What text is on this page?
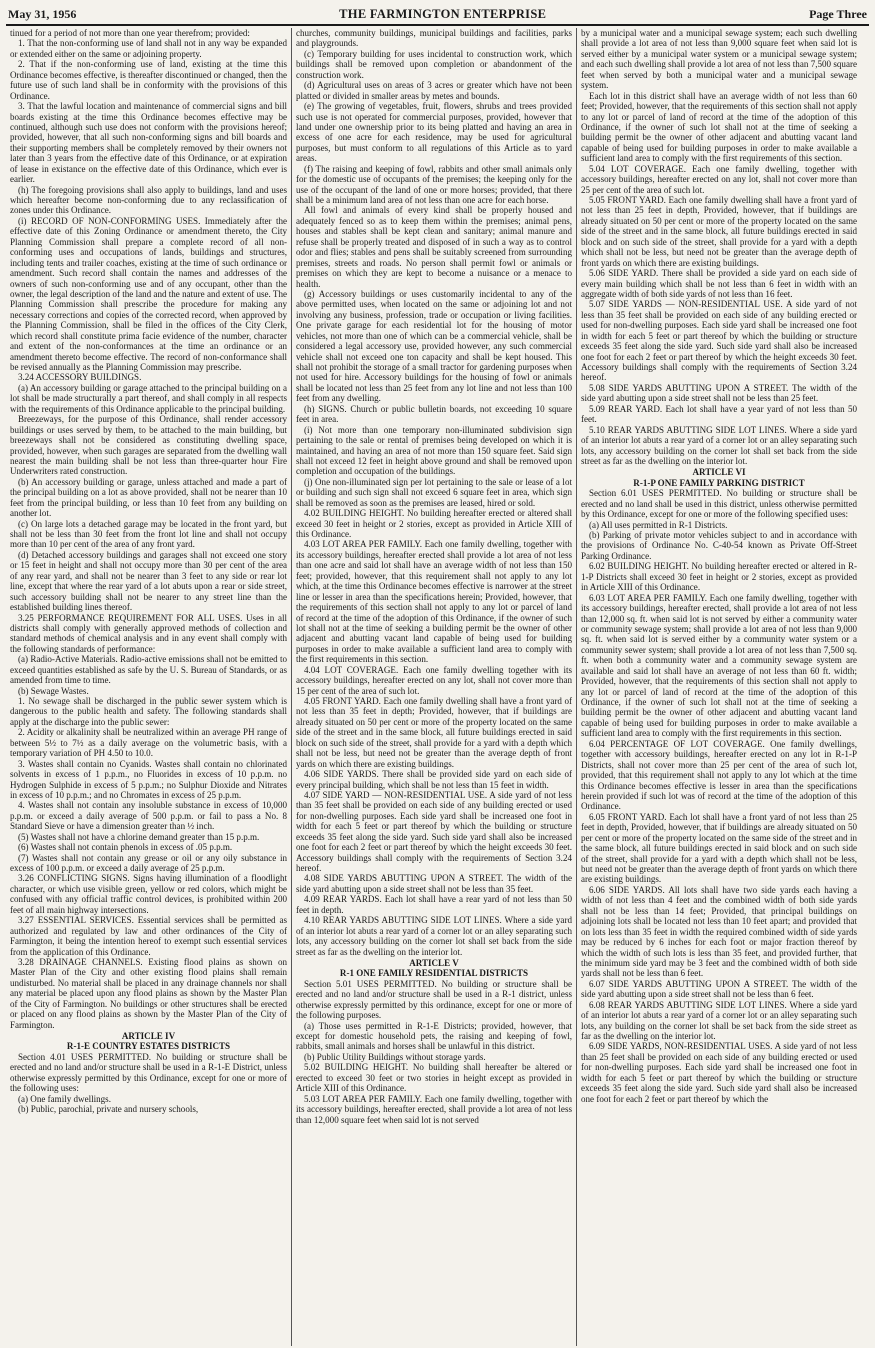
May 31, 1956	THE FARMINGTON ENTERPRISE	Page Three

tinued for a period of not more than one year therefrom; provided:

1. That the non-conforming use of land shall not in any way be expanded or extended either on the same or adjoining property.

2. That if the non-conforming use of land, existing at the time this Ordinance becomes effective, is thereafter discontinued or changed, then the future use of such land shall be in conformity with the provisions of this Ordinance.

3. That the lawful location and maintenance of commercial signs and bill boards existing at the time this Ordinance becomes effective may be continued, although such use does not conform with the provisions hereof; provided, however, that all such non-conforming signs and bill boards and their supporting members shall be completely removed by their owners not later than 3 years from the effective date of this Ordinance, or at expiration of lease in existance on the effective date of this Ordinance, which ever is earlier.

(h) The foregoing provisions shall also apply to buildings, land and uses which hereafter become non-conforming due to any reclassification of zones under this Ordinance.

(i) RECORD OF NON-CONFORMING USES. Immediately after the effective date of this Zoning Ordinance or amendment thereto, the City Planning Commission shall prepare a complete record of all non-conforming uses and occupations of lands, buildings and structures, including tents and trailer coaches, existing at the time of such ordinance or amendment. Such record shall contain the names and addresses of the owners of such non-conforming use and of any occupant, other than the owner, the legal description of the land and the nature and extent of use. The Planning Commission shall prescribe the procedure for making any necessary corrections and copies of the corrected record, when approved by the Planning Commission, shall be filed in the offices of the City Clerk, which record shall constitute prima facie evidence of the number, character and extent of the non-conformances at the time an ordinance or an amendment thereto become effective. The record of non-conformance shall be revised annually as the Planning Commission may prescribe.

3.24 ACCESSORY BUILDINGS.

(a) An accessory building or garage attached to the principal building on a lot shall be made structurally a part thereof, and shall comply in all respects with the requirements of this Ordinance applicable to the principal building.

Breezeways, for the purpose of this Ordinance, shall render accessory buildings or uses served by them, to be attached to the main building, but breezeways shall not be considered as constituting dwelling space, provided, however, when such garages are separated from the dwelling wall nearest the main building shall be not less than three-quarter hour Fire Underwriters rated construction.

(b) An accessory building or garage, unless attached and made a part of the principal building on a lot as above provided, shall not be nearer than 10 feet from the principal building, or less than 10 feet from any building on another lot.

(c) On large lots a detached garage may be located in the front yard, but shall not be less than 30 feet from the front lot line and shall not occupy more than 10 per cent of the area of any front yard.

(d) Detached accessory buildings and garages shall not exceed one story or 15 feet in height and shall not occupy more than 30 per cent of the area of any rear yard, and shall not be nearer than 3 feet to any side or rear lot line, except that where the rear yard of a lot abuts upon a rear or side street, such accessory building shall not be nearer to any street line than the established building lines thereof.

3.25 PERFORMANCE REQUIREMENT FOR ALL USES. Uses in all districts shall comply with generally approved methods of collection and standard methods of chemical analysis and in any event shall comply with the following standards of performance:

(a) Radio-Active Materials. Radio-active emissions shall not be emitted to exceed quantities established as safe by the U. S. Bureau of Standards, or as amended from time to time.

(b) Sewage Wastes.

1. No sewage shall be discharged in the public sewer system which is dangerous to the public health and safety. The following standards shall apply at the discharge into the public sewer:

2. Acidity or alkalinity shall be neutralized within an average PH range of between 5½ to 7½ as a daily average on the volumetric basis, with a temporary variation of PH 4.50 to 10.0.

3. Wastes shall contain no Cyanids. Wastes shall contain no chlorinated solvents in excess of 1 p.p.m., no Fluorides in excess of 10 p.p.m. no Hydrogen Sulphide in excess of 5 p.p.m.; no Sulphur Dioxide and Nitrates in excess of 10 p.p.m.; and no Chromates in excess of 25 p.p.m.

4. Wastes shall not contain any insoluble substance in excess of 10,000 p.p.m. or exceed a daily average of 500 p.p.m. or fail to pass a No. 8 Standard Sieve or have a dimension greater than ½ inch.

(5) Wastes shall not have a chlorine demand greater than 15 p.p.m.

(6) Wastes shall not contain phenols in excess of .05 p.p.m.

(7) Wastes shall not contain any grease or oil or any oily substance in excess of 100 p.p.m. or exceed a daily average of 25 p.p.m.

3.26 CONFLICTING SIGNS. Signs having illumination of a floodlight character, or which use visible green, yellow or red colors, which might be confused with any official traffic control devices, is prohibited within 200 feet of all main highway intersections.

3.27 ESSENTIAL SERVICES. Essential services shall be permitted as authorized and regulated by law and other ordinances of the City of Farmington, it being the intention hereof to exempt such essential services from the application of this Ordinance.

3.28 DRAINAGE CHANNELS. Existing flood plains as shown on Master Plan of the City and other existing flood plains shall remain undisturbed. No material shall be placed in any drainage channels nor shall any material be placed upon any flood plains as shown by the Master Plan of the City of Farmington. No buildings or other structures shall be erected or placed on any flood plains as shown by the Master Plan of the City of Farmington.

ARTICLE IV

R-1-E COUNTRY ESTATES DISTRICTS

Section 4.01 USES PERMITTED. No building or structure shall be erected and no land and/or structure shall be used in a R-1-E District, unless otherwise expressly permitted by this Ordinance, except for one or more of the following uses:

(a) One family dwellings.

(b) Public, parochial, private and nursery schools,

churches, community buildings, municipal buildings and facilities, parks and playgrounds.

(c) Temporary building for uses incidental to construction work, which buildings shall be removed upon completion or abandonment of the construction work.

(d) Agricultural uses on areas of 3 acres or greater which have not been platted or divided in smaller areas by metes and bounds.

(e) The growing of vegetables, fruit, flowers, shrubs and trees provided such use is not operated for commercial purposes, provided, however that land under one ownership prior to its being platted and having an area in excess of one acre for each residence, may be used for agricultural purposes, but must conform to all regulations of this Article as to yard areas.

(f) The raising and keeping of fowl, rabbits and other small animals only for the domestic use of occupants of the premises; the keeping only for the use of the occupant of the land of one or more horses; provided, that there shall be a minimum land area of not less than one acre for each horse.

All fowl and animals of every kind shall be properly housed and adequately fenced so as to keep them within the premises; animal pens, houses and stables shall be kept clean and sanitary; animal manure and refuse shall be properly treated and disposed of in such a way as to control odor and flies; stables and pens shall be suitably screened from surrounding premises, streets and roads. No person shall permit fowl or animals or premises on which they are kept to become a nuisance or a menace to health.

(g) Accessory buildings or uses customarily incidental to any of the above permitted uses, when located on the same or adjoining lot and not involving any business, profession, trade or occupation or living facilities. One private garage for each residential lot for the housing of motor vehicles, not more than one of which can be a commercial vehicle, shall be considered a legal accessory use, provided however, any such commercial vehicle shall not exceed one ton capacity and shall be kept housed. This shall not prohibit the storage of a small tractor for gardening purposes when not used for hire. Accessory buildings for the housing of fowl or animals shall be located not less than 25 feet from any lot line and not less than 100 feet from any dwelling.

(h) SIGNS. Church or public bulletin boards, not exceeding 10 square feet in area.

(i) Not more than one temporary non-illuminated subdivision sign pertaining to the sale or rental of premises being developed on which it is maintained, and having an area of not more than 150 square feet. Said sign shall not exceed 12 feet in height above ground and shall be removed upon completion and occupation of the buildings.

(j) One non-illuminated sign per lot pertaining to the sale or lease of a lot or building and such sign shall not exceed 6 square feet in area, which sign shall be removed as soon as the premises are leased, hired or sold.

4.02 BUILDING HEIGHT. No building hereafter erected or altered shall exceed 30 feet in height or 2 stories, except as provided in Article XIII of this Ordinance.

4.03 LOT AREA PER FAMILY. Each one family dwelling, together with its accessory buildings, hereafter erected shall provide a lot area of not less than one acre and said lot shall have an average width of not less than 150 feet; provided, however, that this requirement shall not apply to any lot which, at the time this Ordinance becomes effective is narrower at the street line or lesser in area than the specifications herein; Provided, however, that the requirements of this section shall not apply to any lot or parcel of land of record at the time of the adoption of this Ordinance, if the owner of such lot shall not at the time of seeking a building permit be the owner of other adjacent and abutting vacant land capable of being used for building purposes in order to make available a sufficient land area to comply with the first requirements in this section.

4.04 LOT COVERAGE. Each one family dwelling together with its accessory buildings, hereafter erected on any lot, shall not cover more than 15 per cent of the area of such lot.

4.05 FRONT YARD. Each one family dwelling shall have a front yard of not less than 35 feet in depth; Provided, however, that if buildings are already situated on 50 per cent or more of the property located on the same side of the street and in the same block, all future buildings erected in said block on such side of the street, shall provide for a yard with a depth which shall not be less, but need not be greater than the average depth of front yards on which there are existing buildings.

4.06 SIDE YARDS. There shall be provided side yard on each side of every principal building, which shall be not less than 15 feet in width.

4.07 SIDE YARD — NON-RESIDENTIAL USE. A side yard of not less than 35 feet shall be provided on each side of any building erected or used for non-dwelling purposes. Each side yard shall be increased one foot in width for each 5 feet or part thereof by which the building or structure exceeds 35 feet along the side yard. Such side yard shall also be increased one foot for each 2 feet or part thereof by which the height exceeds 30 feet. Accessory buildings shall comply with the requirements of Section 3.24 hereof.

4.08 SIDE YARDS ABUTTING UPON A STREET. The width of the side yard abutting upon a side street shall not be less than 35 feet.

4.09 REAR YARDS. Each lot shall have a rear yard of not less than 50 feet in depth.

4.10 REAR YARDS ABUTTING SIDE LOT LINES. Where a side yard of an interior lot abuts a rear yard of a corner lot or an alley separating such lots, any accessory building on the corner lot shall set back from the side street as far as the dwelling on the interior lot.

ARTICLE V

R-1 ONE FAMILY RESIDENTIAL DISTRICTS

Section 5.01 USES PERMITTED. No building or structure shall be erected and no land and/or structure shall be used in a R-1 district, unless otherwise expressly permitted by this ordinance, except for one or more of the following purposes.

(a) Those uses permitted in R-1-E Districts; provided, however, that except for domestic household pets, the raising and keeping of fowl, rabbits, small animals and horses shall be unlawful in this district.

(b) Public Utility Buildings without storage yards.

5.02 BUILDING HEIGHT. No building shall hereafter be altered or erected to exceed 30 feet or two stories in height except as provided in Article XIII of this Ordinance.

5.03 LOT AREA PER FAMILY. Each one family dwelling, together with its accessory buildings, hereafter erected, shall provide a lot area of not less than 12,000 square feet when said lot is not served

by a municipal water and a municipal sewage system; each such dwelling shall provide a lot area of not less than 9,000 square feet when said lot is served either by a municipal water system or a municipal sewage system; and each such dwelling shall provide a lot area of not less than 7,500 square feet when served by both a municipal water and a municipal sewage system.

Each lot in this district shall have an average width of not less than 60 feet; Provided, however, that the requirements of this section shall not apply to any lot or parcel of land of record at the time of the adoption of this Ordinance, if the owner of such lot shall not at the time of seeking a building permit be the owner of other adjacent and abutting vacant land capable of being used for building purposes in order to make available a sufficient land area to comply with the first requirements of this section.

5.04 LOT COVERAGE. Each one family dwelling, together with accessory buildings, hereafter erected on any lot, shall not cover more than 25 per cent of the area of such lot.

5.05 FRONT YARD. Each one family dwelling shall have a front yard of not less than 25 feet in depth, Provided, however, that if buildings are already situated on 50 per cent or more of the property located on the same side of the street and in the same block, all future buildings erected in said block and on such side of the street, shall provide for a yard with a depth which shall not be less, but need not be greater than the average depth of front yards on which there are existing buildings.

5.06 SIDE YARD. There shall be provided a side yard on each side of every main building which shall be not less than 6 feet in width with an aggregate width of both side yards of not less than 16 feet.

5.07 SIDE YARDS — NON-RESIDENTIAL USE. A side yard of not less than 35 feet shall be provided on each side of any building erected or used for non-dwelling purposes. Each side yard shall be increased one foot in width for each 5 feet or part thereof by which the building or structure exceeds 35 feet along the side yard. Such side yard shall also be increased one foot for each 2 feet or part thereof by which the height exceeds 30 feet. Accessory buildings shall comply with the requirements of Section 3.24 hereof.

5.08 SIDE YARDS ABUTTING UPON A STREET. The width of the side yard abutting upon a side street shall not be less than 25 feet.

5.09 REAR YARD. Each lot shall have a year yard of not less than 50 feet.

5.10 REAR YARDS ABUTTING SIDE LOT LINES. Where a side yard of an interior lot abuts a rear yard of a corner lot or an alley separating such lots, any accessory building on the corner lot shall set back from the side street as far as the dwelling on the interior lot.

ARTICLE VI

R-1-P ONE FAMILY PARKING DISTRICT

Section 6.01 USES PERMITTED. No building or structure shall be erected and no land shall be used in this district, unless otherwise permitted by this Ordinance, except for one or more of the following specified uses:

(a) All uses permitted in R-1 Districts.

(b) Parking of private motor vehicles subject to and in accordance with the provisions of Ordinance No. C-40-54 known as Private Off-Street Parking Ordinance.

6.02 BUILDING HEIGHT. No building hereafter erected or altered in R-1-P Districts shall exceed 30 feet in height or 2 stories, except as provided in Article XIII of this Ordinance.

6.03 LOT AREA PER FAMILY. Each one family dwelling, together with its accessory buildings, hereafter erected, shall provide a lot area of not less than 12,000 sq. ft. when said lot is not served by either a community water or community sewage system; shall provide a lot area of not less than 9,000 sq. ft. when said lot is served either by a community water system or a community sewer system; shall provide a lot area of not less than 7,500 sq. ft. when both a community water and a community sewage system are available and said lot shall have an average of not less than 60 ft. width; Provided, however, that the requirements of this section shall not apply to any lot or parcel of land of record at the time of the adoption of this Ordinance, if the owner of such lot shall not at the time of seeking a building permit be the owner of other adjacent and abutting vacant land capable of being used for building purposes in order to make available a sufficient land area to comply with the first requirements in this section.

6.04 PERCENTAGE OF LOT COVERAGE. One family dwellings, together with accessory buildings, hereafter erected on any lot in R-1-P Districts, shall not cover more than 25 per cent of the area of such lot, provided, that this requirement shall not apply to any lot which at the time this Ordinance becomes effective is lesser in area than the specifications herein provided if such lot was of record at the time of the adoption of this Ordinance.

6.05 FRONT YARD. Each lot shall have a front yard of not less than 25 feet in depth, Provided, however, that if buildings are already situated on 50 per cent or more of the property located on the same side of the street and in the same block, all future buildings erected in said block and on such side of the street, shall provide for a yard with a depth which shall not be less, but need not be greater than the average depth of front yards on which there are existing buildings.

6.06 SIDE YARDS. All lots shall have two side yards each having a width of not less than 4 feet and the combined width of both side yards shall not be less than 14 feet; Provided, that principal buildings on adjoining lots shall be located not less than 10 feet apart; and provided that on lots less than 35 feet in width the required combined width of side yards may be reduced by 6 inches for each foot or major fraction thereof by which the width of such lots is less than 35 feet, and provided further, that the minimum side yard may be 3 feet and the combined width of both side yards shall not be less than 6 feet.

6.07 SIDE YARDS ABUTTING UPON A STREET. The width of the side yard abutting upon a side street shall not be less than 6 feet.

6.08 REAR YARDS ABUTTING SIDE LOT LINES. Where a side yard of an interior lot abuts a rear yard of a corner lot or an alley separating such lots, any building on the corner lot shall be set back from the side street as far as the dwelling on the interior lot.

6.09 SIDE YARDS, NON-RESIDENTIAL USES. A side yard of not less than 25 feet shall be provided on each side of any building erected or used for non-dwelling purposes. Each side yard shall be increased one foot in width for each 5 feet or part thereof by which the building or structure exceeds 35 feet along the side yard. Such side yard shall also be increased one foot for each 2 feet or part thereof by which the
